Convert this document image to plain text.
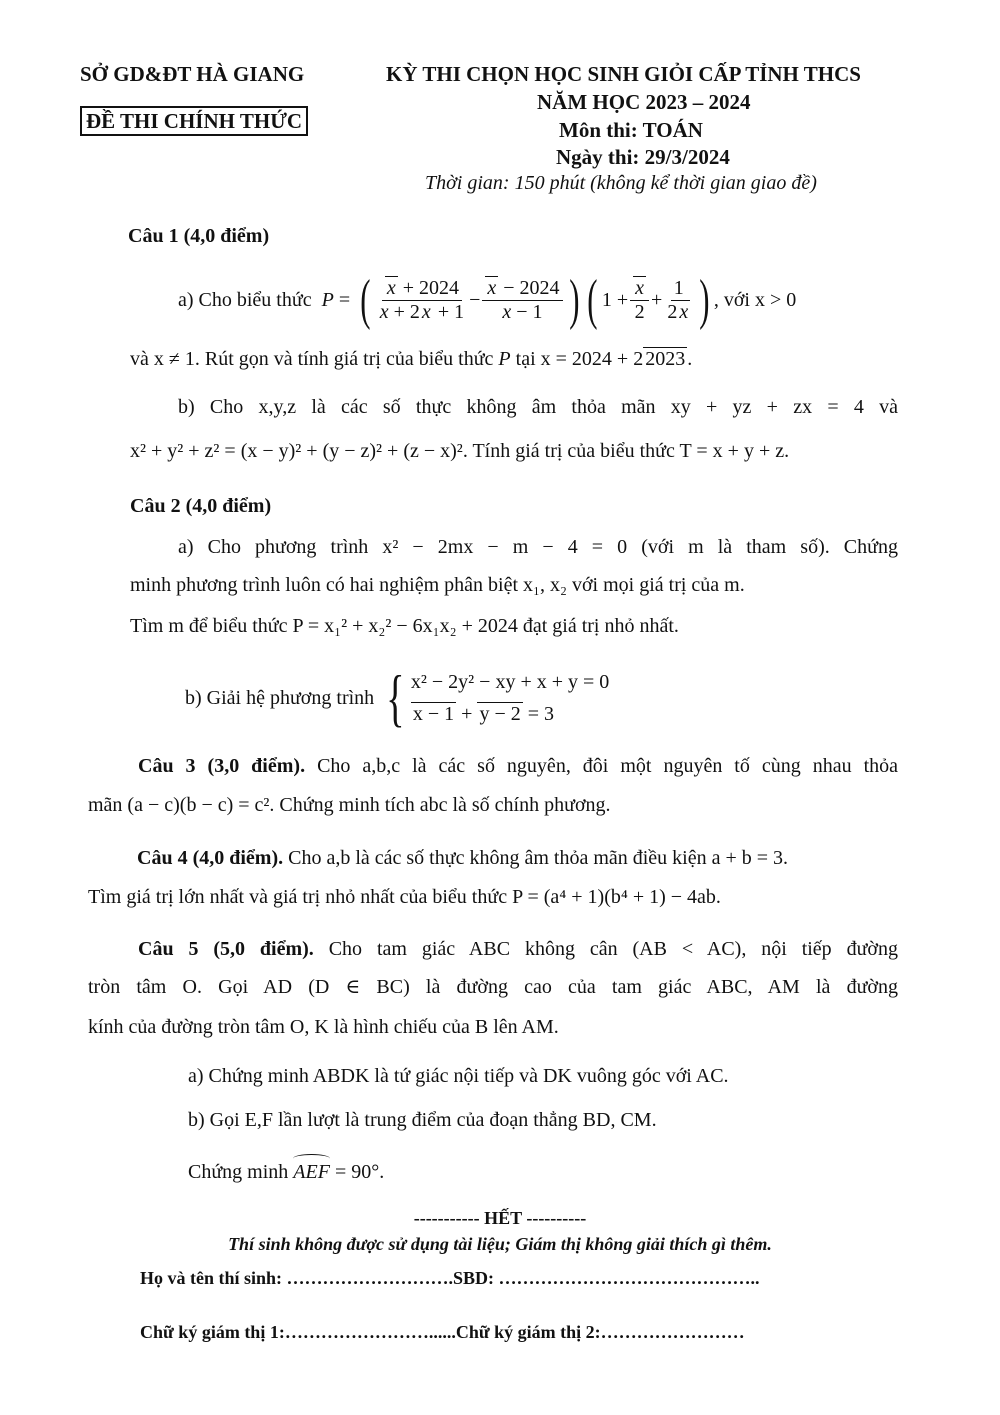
SỞ GD&ĐT HÀ GIANG
ĐỀ THI CHÍNH THỨC
KỲ THI CHỌN HỌC SINH GIỎI CẤP TỈNH THCS
NĂM HỌC 2023 – 2024
Môn thi: TOÁN
Ngày thi: 29/3/2024
Thời gian: 150 phút (không kể thời gian giao đề)
Câu 1 (4,0 điểm)
a) Cho biểu thức P = ( $\frac{x + 2024}{x + 2 x + 1} - \frac{x - 2024}{x - 1}$ ) ( $1 + \frac{x}{2} + \frac{1}{2 x}$ ) , với x > 0
và x ≠ 1. Rút gọn và tính giá trị của biểu thức P tại x = 2024 + 2 2023 .
b) Cho x,y,z là các số thực không âm thỏa mãn xy + yz + zx = 4 và
x² + y² + z² = (x − y)² + (y − z)² + (z − x)². Tính giá trị của biểu thức T = x + y + z.
Câu 2 (4,0 điểm)
a) Cho phương trình x² − 2mx − m − 4 = 0 (với m là tham số). Chứng
minh phương trình luôn có hai nghiệm phân biệt x₁, x₂ với mọi giá trị của m.
Tìm m để biểu thức P = x₁² + x₂² − 6x₁x₂ + 2024 đạt giá trị nhỏ nhất.
b) Giải hệ phương trình { x² − 2y² − xy + x + y = 0
x − 1 + y − 2 = 3
Câu 3 (3,0 điểm). Cho a,b,c là các số nguyên, đôi một nguyên tố cùng nhau thỏa
mãn (a − c)(b − c) = c². Chứng minh tích abc là số chính phương.
Câu 4 (4,0 điểm). Cho a,b là các số thực không âm thỏa mãn điều kiện a + b = 3.
Tìm giá trị lớn nhất và giá trị nhỏ nhất của biểu thức P = (a⁴ + 1)(b⁴ + 1) − 4ab.
Câu 5 (5,0 điểm). Cho tam giác ABC không cân (AB < AC), nội tiếp đường
tròn tâm O. Gọi AD (D ∈ BC) là đường cao của tam giác ABC, AM là đường
kính của đường tròn tâm O, K là hình chiếu của B lên AM.
a) Chứng minh ABDK là tứ giác nội tiếp và DK vuông góc với AC.
b) Gọi E,F lần lượt là trung điểm của đoạn thẳng BD, CM.
Chứng minh AEF = 90°.
----------- HẾT ----------
Thí sinh không được sử dụng tài liệu; Giám thị không giải thích gì thêm.
Họ và tên thí sinh: ……………………….SBD: ……………………………………..
Chữ ký giám thị 1:……………………......Chữ ký giám thị 2:……………………
